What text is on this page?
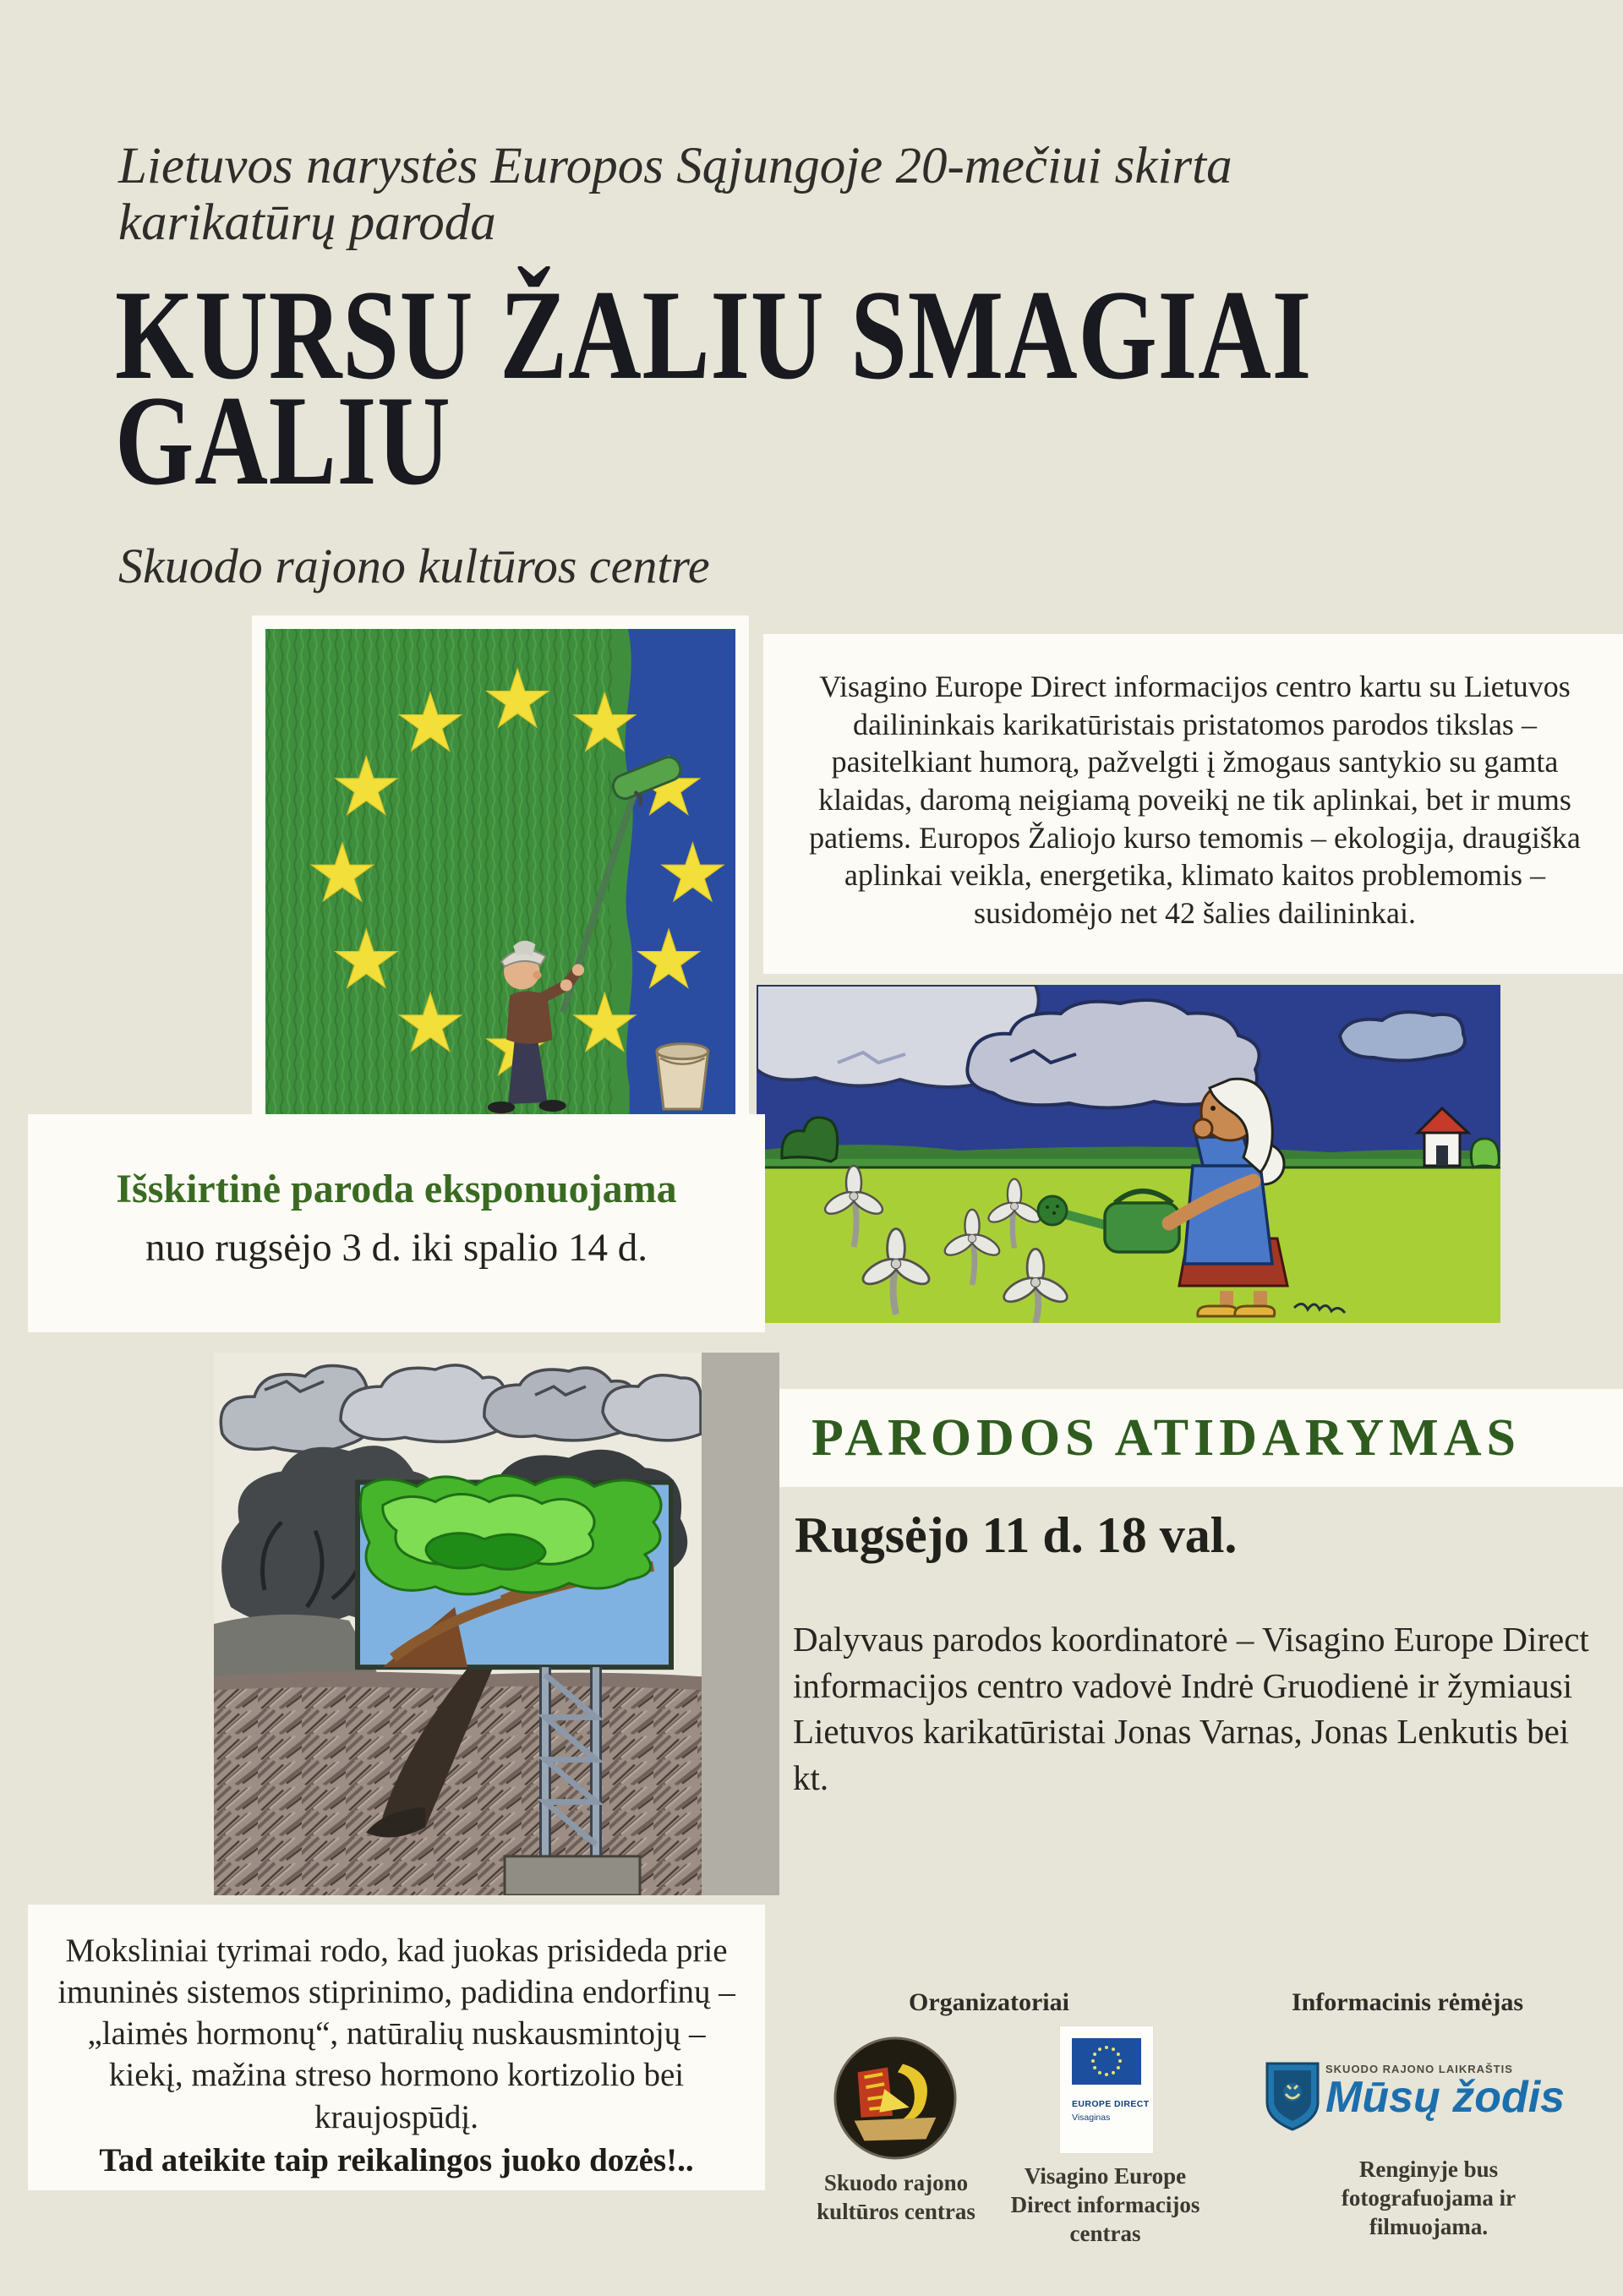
Lietuvos narystės Europos Sąjungoje 20-mečiui skirta
karikatūrų paroda
KURSU ŽALIU SMAGIAI
GALIU
Skuodo rajono kultūros centre
Visagino Europe Direct informacijos centro kartu su Lietuvos dailininkais karikatūristais pristatomos parodos tikslas – pasitelkiant humorą, pažvelgti į žmogaus santykio su gamta klaidas, daromą neigiamą poveikį ne tik aplinkai, bet ir mums patiems. Europos Žaliojo kurso temomis – ekologija, draugiška aplinkai veikla, energetika, klimato kaitos problemomis – susidomėjo net 42 šalies dailininkai.
Išskirtinė paroda eksponuojama
nuo rugsėjo 3 d. iki spalio 14 d.
PARODOS ATIDARYMAS
Rugsėjo 11 d. 18 val.
Dalyvaus parodos koordinatorė – Visagino Europe Direct informacijos centro vadovė Indrė Gruodienė ir žymiausi Lietuvos karikatūristai Jonas Varnas, Jonas Lenkutis bei kt.
Moksliniai tyrimai rodo, kad juokas prisideda prie imuninės sistemos stiprinimo, padidina endorfinų – „laimės hormonų“, natūralių nuskausmintojų – kiekį, mažina streso hormono kortizolio bei kraujospūdį.
Tad ateikite taip reikalingos juoko dozės!..
Organizatoriai	Informacinis rėmėjas
Skuodo rajono kultūros centras
EUROPE DIRECT
Visaginas
Visagino Europe Direct informacijos centras
SKUODO RAJONO LAIKRAŠTIS
Mūsų žodis
Renginyje bus fotografuojama ir filmuojama.
